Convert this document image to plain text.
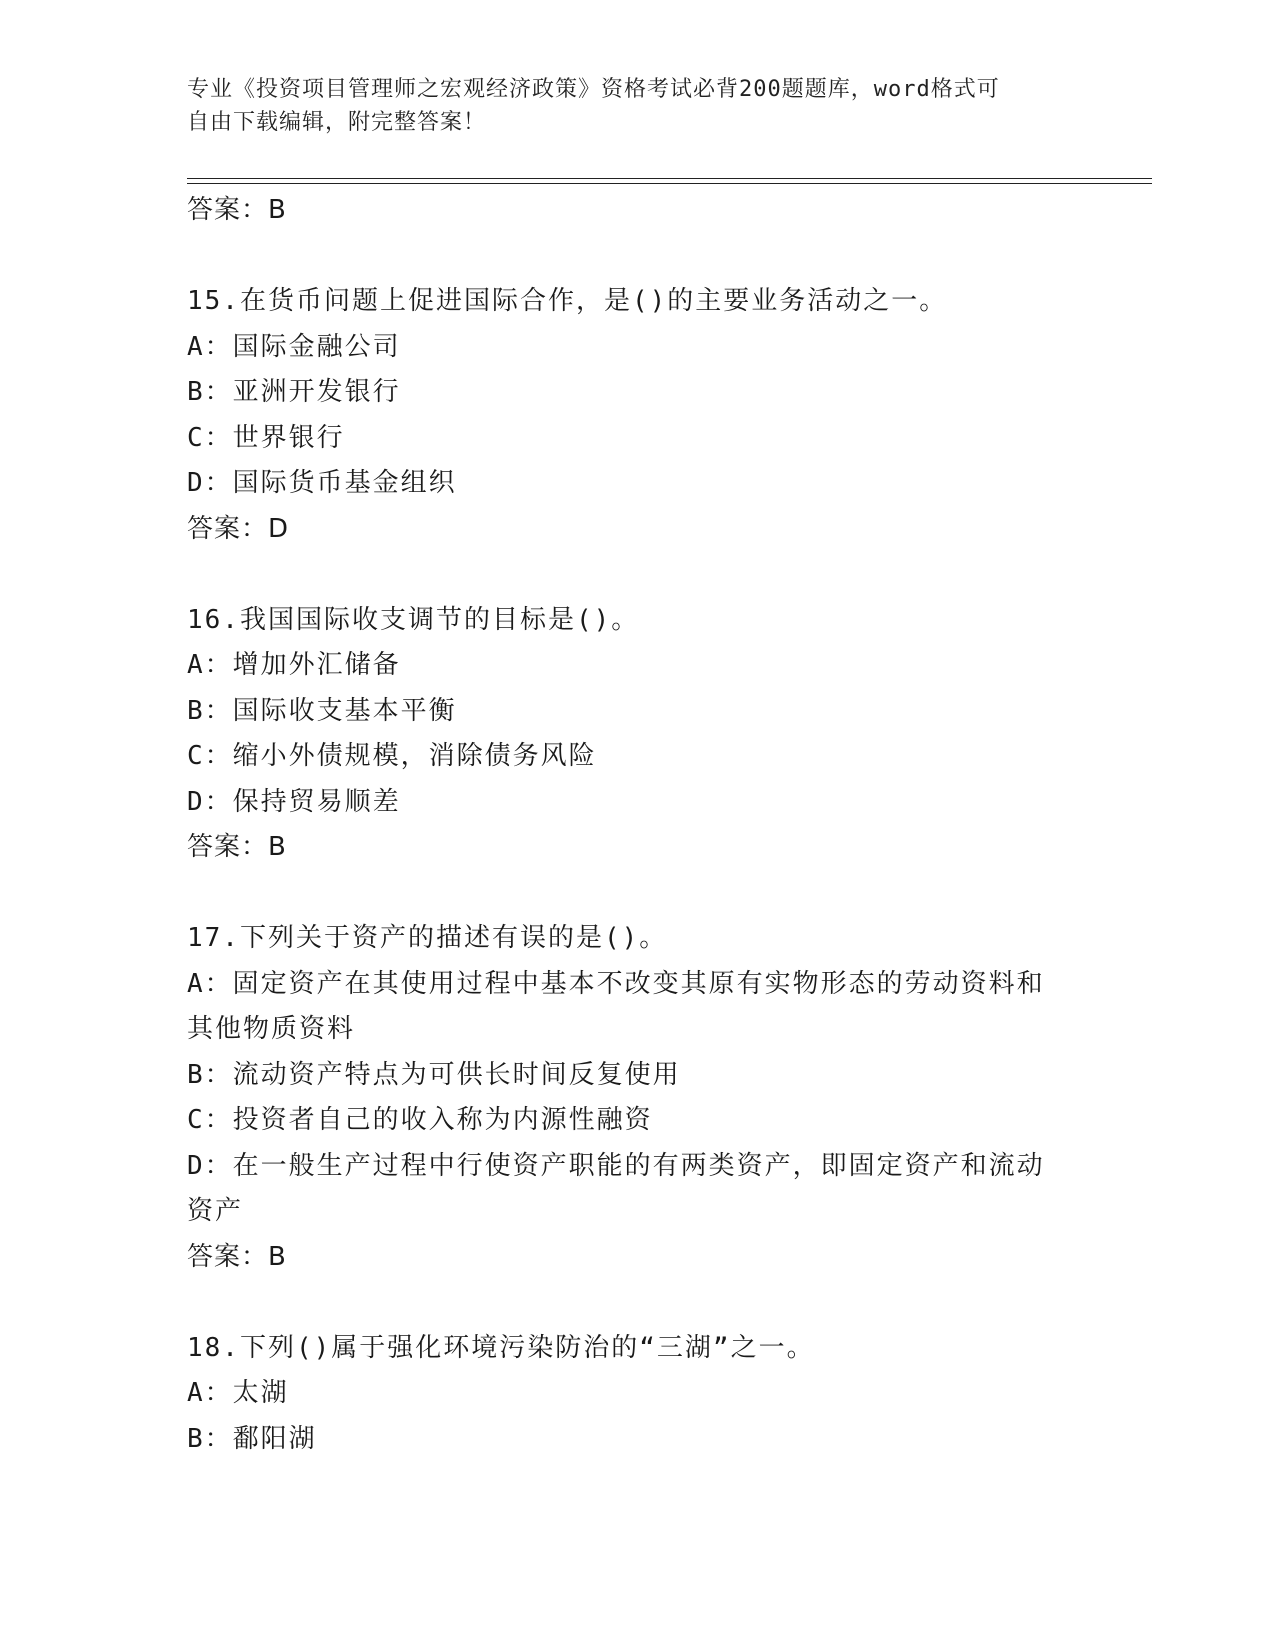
专业《投资项目管理师之宏观经济政策》资格考试必背200题题库，word格式可
自由下载编辑，附完整答案！
答案：B
15.在货币问题上促进国际合作，是()的主要业务活动之一。
A：国际金融公司
B：亚洲开发银行
C：世界银行
D：国际货币基金组织
答案：D
16.我国国际收支调节的目标是()。
A：增加外汇储备
B：国际收支基本平衡
C：缩小外债规模，消除债务风险
D：保持贸易顺差
答案：B
17.下列关于资产的描述有误的是()。
A：固定资产在其使用过程中基本不改变其原有实物形态的劳动资料和
其他物质资料
B：流动资产特点为可供长时间反复使用
C：投资者自己的收入称为内源性融资
D：在一般生产过程中行使资产职能的有两类资产，即固定资产和流动
资产
答案：B
18.下列()属于强化环境污染防治的“三湖”之一。
A：太湖
B：鄱阳湖
